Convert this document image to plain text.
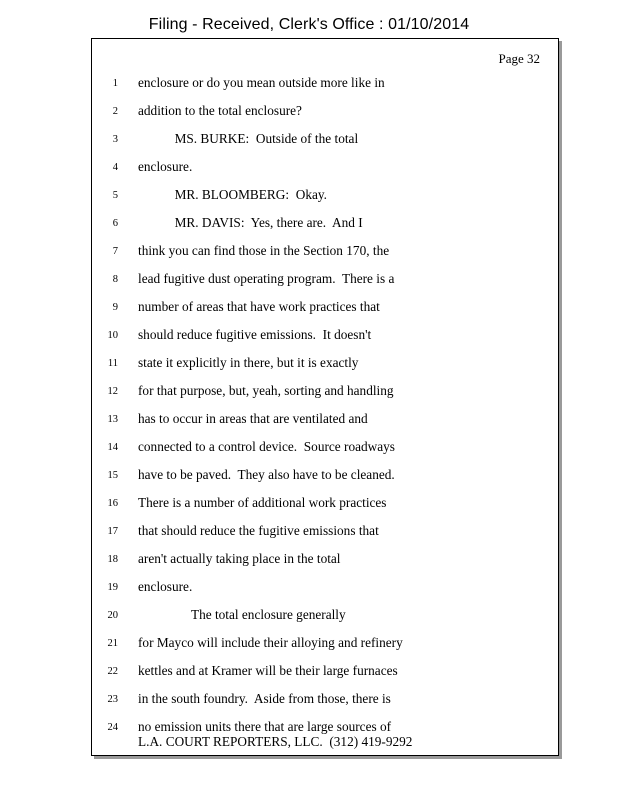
Filing - Received, Clerk's Office : 01/10/2014
Page 32
1 enclosure or do you mean outside more like in
2 addition to the total enclosure?
3 MS. BURKE:  Outside of the total
4 enclosure.
5 MR. BLOOMBERG:  Okay.
6 MR. DAVIS:  Yes, there are.  And I
7 think you can find those in the Section 170, the
8 lead fugitive dust operating program.  There is a
9 number of areas that have work practices that
10 should reduce fugitive emissions.  It doesn't
11 state it explicitly in there, but it is exactly
12 for that purpose, but, yeah, sorting and handling
13 has to occur in areas that are ventilated and
14 connected to a control device.  Source roadways
15 have to be paved.  They also have to be cleaned.
16 There is a number of additional work practices
17 that should reduce the fugitive emissions that
18 aren't actually taking place in the total
19 enclosure.
20 The total enclosure generally
21 for Mayco will include their alloying and refinery
22 kettles and at Kramer will be their large furnaces
23 in the south foundry.  Aside from those, there is
24 no emission units there that are large sources of
L.A. COURT REPORTERS, LLC.  (312) 419-9292
